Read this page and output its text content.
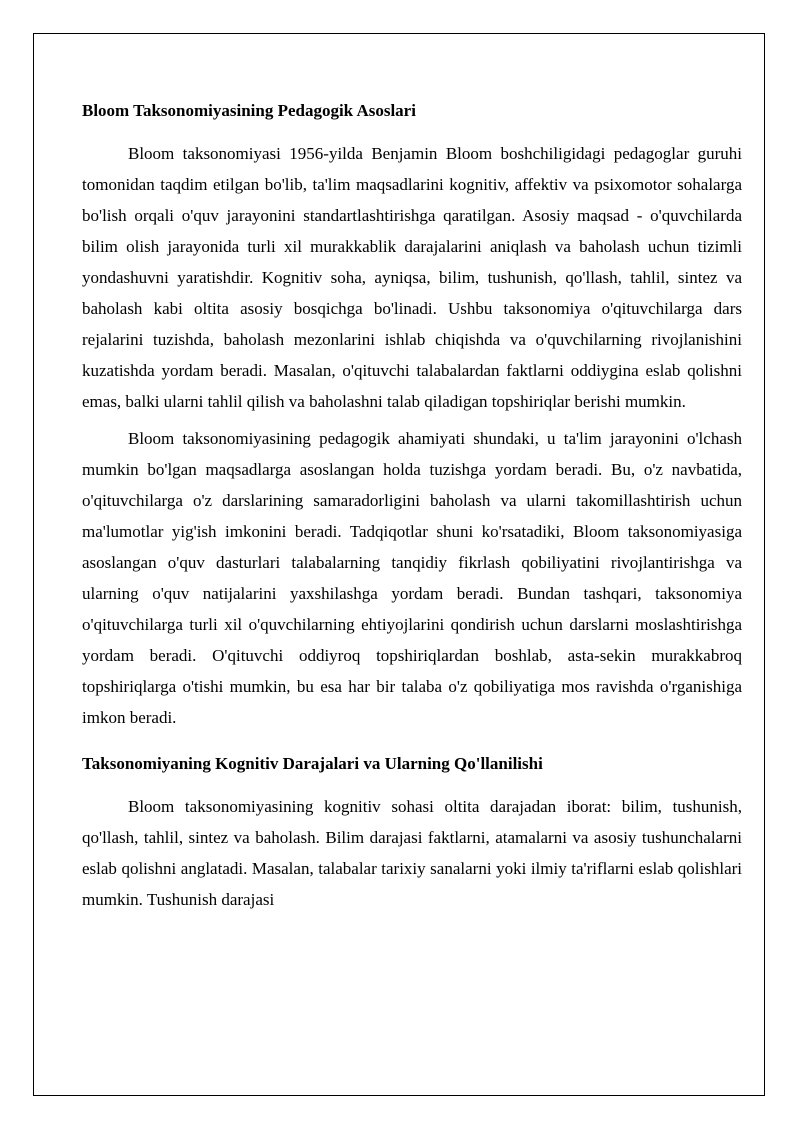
Bloom Taksonomiyasining Pedagogik Asoslari

Bloom taksonomiyasi 1956-yilda Benjamin Bloom boshchiligidagi pedagoglar guruhi tomonidan taqdim etilgan bo'lib, ta'lim maqsadlarini kognitiv, affektiv va psixomotor sohalarga bo'lish orqali o'quv jarayonini standartlashtirishga qaratilgan. Asosiy maqsad - o'quvchilarda bilim olish jarayonida turli xil murakkablik darajalarini aniqlash va baholash uchun tizimli yondashuvni yaratishdir. Kognitiv soha, ayniqsa, bilim, tushunish, qo'llash, tahlil, sintez va baholash kabi oltita asosiy bosqichga bo'linadi. Ushbu taksonomiya o'qituvchilarga dars rejalarini tuzishda, baholash mezonlarini ishlab chiqishda va o'quvchilarning rivojlanishini kuzatishda yordam beradi. Masalan, o'qituvchi talabalardan faktlarni oddiygina eslab qolishni emas, balki ularni tahlil qilish va baholashni talab qiladigan topshiriqlar berishi mumkin.

Bloom taksonomiyasining pedagogik ahamiyati shundaki, u ta'lim jarayonini o'lchash mumkin bo'lgan maqsadlarga asoslangan holda tuzishga yordam beradi. Bu, o'z navbatida, o'qituvchilarga o'z darslarining samaradorligini baholash va ularni takomillashtirish uchun ma'lumotlar yig'ish imkonini beradi. Tadqiqotlar shuni ko'rsatadiki, Bloom taksonomiyasiga asoslangan o'quv dasturlari talabalarning tanqidiy fikrlash qobiliyatini rivojlantirishga va ularning o'quv natijalarini yaxshilashga yordam beradi. Bundan tashqari, taksonomiya o'qituvchilarga turli xil o'quvchilarning ehtiyojlarini qondirish uchun darslarni moslashtirishga yordam beradi. O'qituvchi oddiyroq topshiriqlardan boshlab, asta-sekin murakkabroq topshiriqlarga o'tishi mumkin, bu esa har bir talaba o'z qobiliyatiga mos ravishda o'rganishiga imkon beradi.

Taksonomiyaning Kognitiv Darajalari va Ularning Qo'llanilishi

Bloom taksonomiyasining kognitiv sohasi oltita darajadan iborat: bilim, tushunish, qo'llash, tahlil, sintez va baholash. Bilim darajasi faktlarni, atamalarni va asosiy tushunchalarni eslab qolishni anglatadi. Masalan, talabalar tarixiy sanalarni yoki ilmiy ta'riflarni eslab qolishlari mumkin. Tushunish darajasi
